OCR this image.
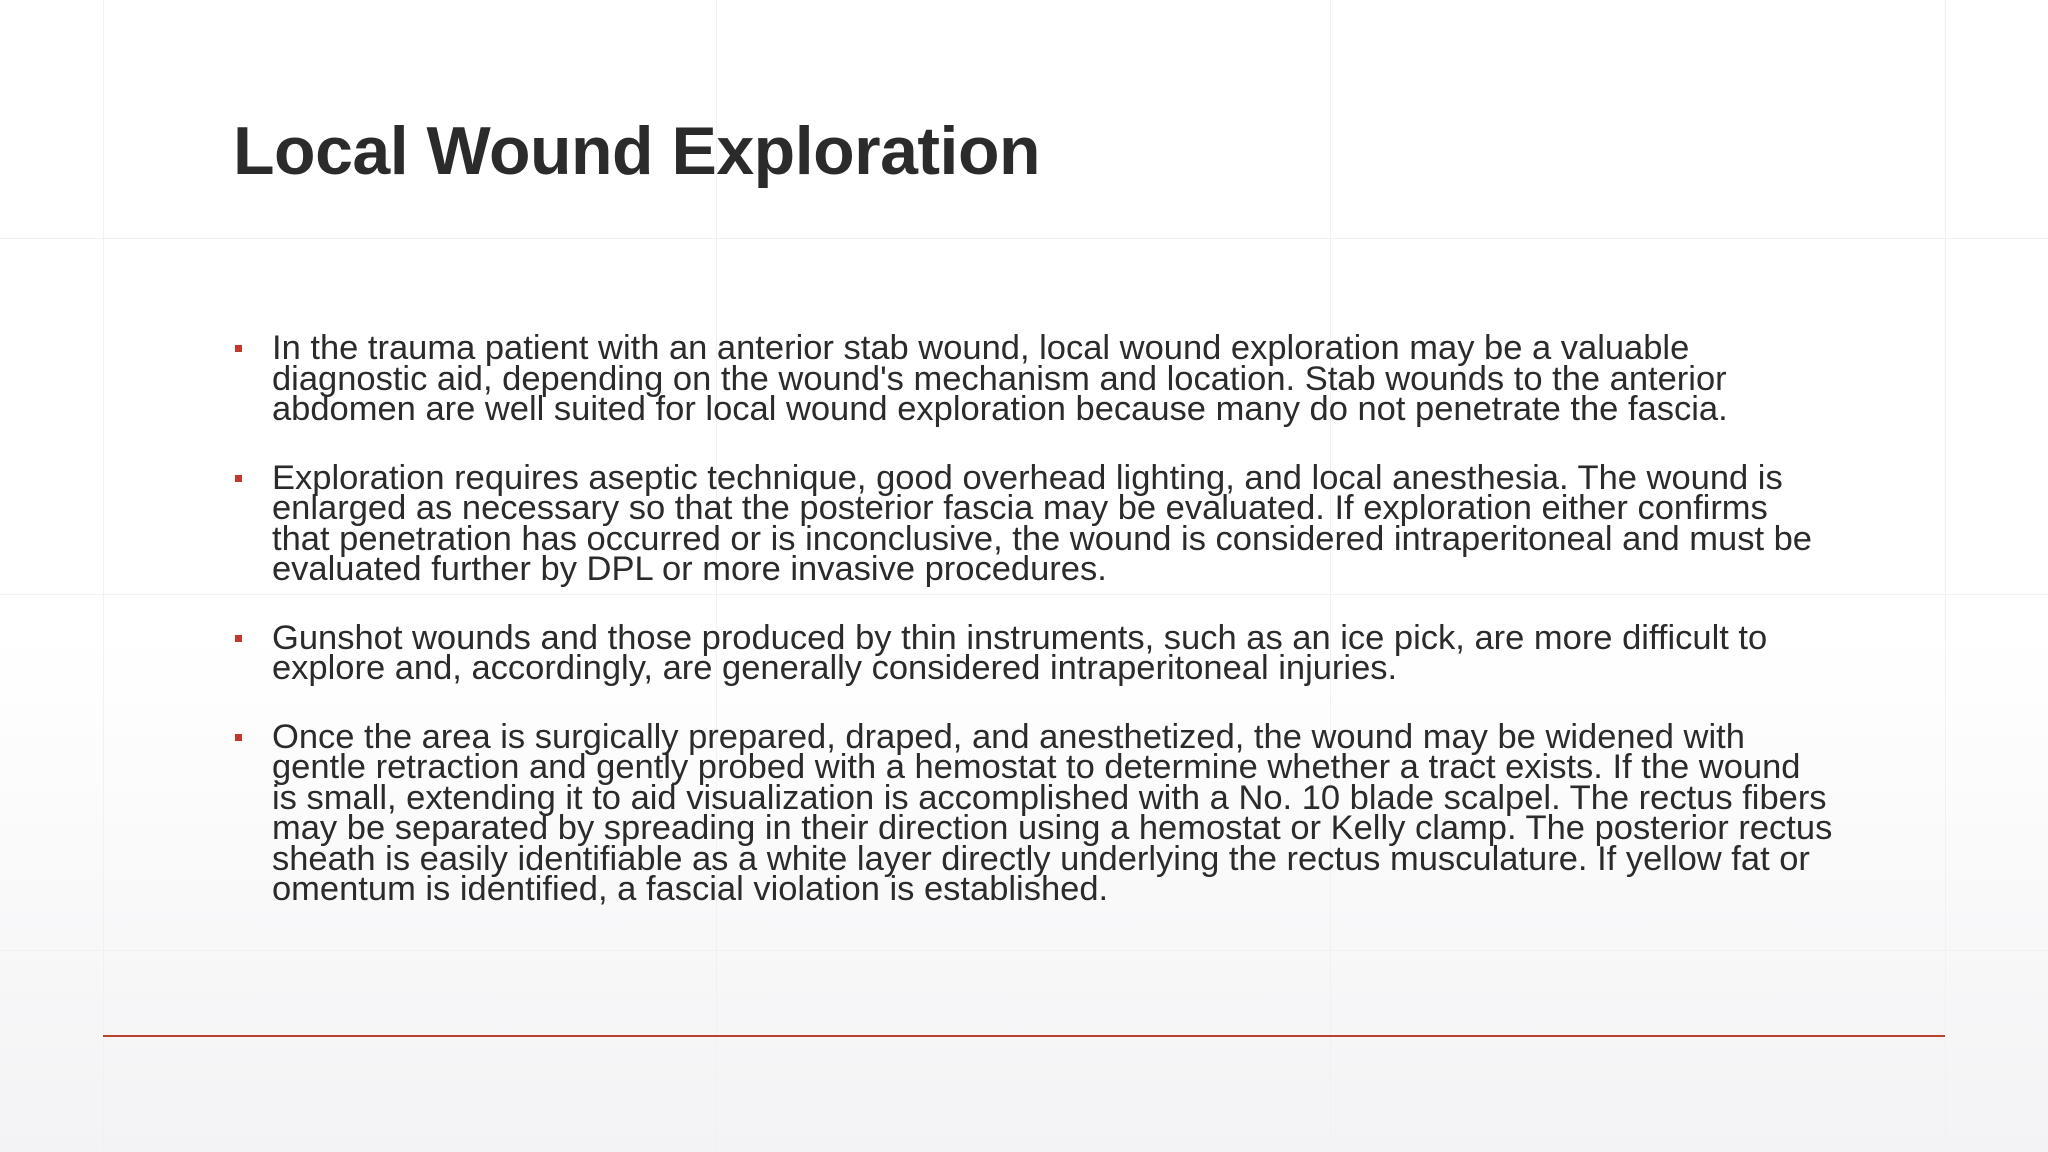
Local Wound Exploration
In the trauma patient with an anterior stab wound, local wound exploration may be a valuable diagnostic aid, depending on the wound's mechanism and location. Stab wounds to the anterior abdomen are well suited for local wound exploration because many do not penetrate the fascia.
Exploration requires aseptic technique, good overhead lighting, and local anesthesia. The wound is enlarged as necessary so that the posterior fascia may be evaluated. If exploration either confirms that penetration has occurred or is inconclusive, the wound is considered intraperitoneal and must be evaluated further by DPL or more invasive procedures.
Gunshot wounds and those produced by thin instruments, such as an ice pick, are more difficult to explore and, accordingly, are generally considered intraperitoneal injuries.
Once the area is surgically prepared, draped, and anesthetized, the wound may be widened with gentle retraction and gently probed with a hemostat to determine whether a tract exists. If the wound is small, extending it to aid visualization is accomplished with a No. 10 blade scalpel. The rectus fibers may be separated by spreading in their direction using a hemostat or Kelly clamp. The posterior rectus sheath is easily identifiable as a white layer directly underlying the rectus musculature. If yellow fat or omentum is identified, a fascial violation is established.
